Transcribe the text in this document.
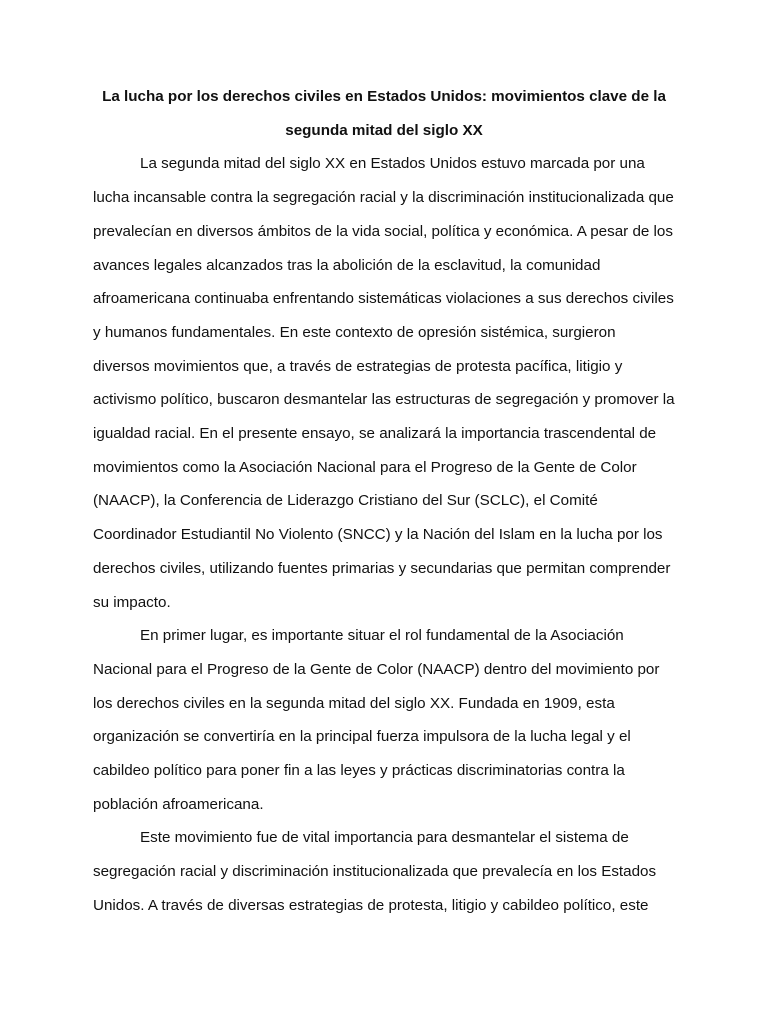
La lucha por los derechos civiles en Estados Unidos: movimientos clave de la segunda mitad del siglo XX

La segunda mitad del siglo XX en Estados Unidos estuvo marcada por una lucha incansable contra la segregación racial y la discriminación institucionalizada que prevalecían en diversos ámbitos de la vida social, política y económica. A pesar de los avances legales alcanzados tras la abolición de la esclavitud, la comunidad afroamericana continuaba enfrentando sistemáticas violaciones a sus derechos civiles y humanos fundamentales. En este contexto de opresión sistémica, surgieron diversos movimientos que, a través de estrategias de protesta pacífica, litigio y activismo político, buscaron desmantelar las estructuras de segregación y promover la igualdad racial. En el presente ensayo, se analizará la importancia trascendental de movimientos como la Asociación Nacional para el Progreso de la Gente de Color (NAACP), la Conferencia de Liderazgo Cristiano del Sur (SCLC), el Comité Coordinador Estudiantil No Violento (SNCC) y la Nación del Islam en la lucha por los derechos civiles, utilizando fuentes primarias y secundarias que permitan comprender su impacto.

En primer lugar, es importante situar el rol fundamental de la Asociación Nacional para el Progreso de la Gente de Color (NAACP) dentro del movimiento por los derechos civiles en la segunda mitad del siglo XX. Fundada en 1909, esta organización se convertiría en la principal fuerza impulsora de la lucha legal y el cabildeo político para poner fin a las leyes y prácticas discriminatorias contra la población afroamericana.

Este movimiento fue de vital importancia para desmantelar el sistema de segregación racial y discriminación institucionalizada que prevalecía en los Estados Unidos. A través de diversas estrategias de protesta, litigio y cabildeo político, este
